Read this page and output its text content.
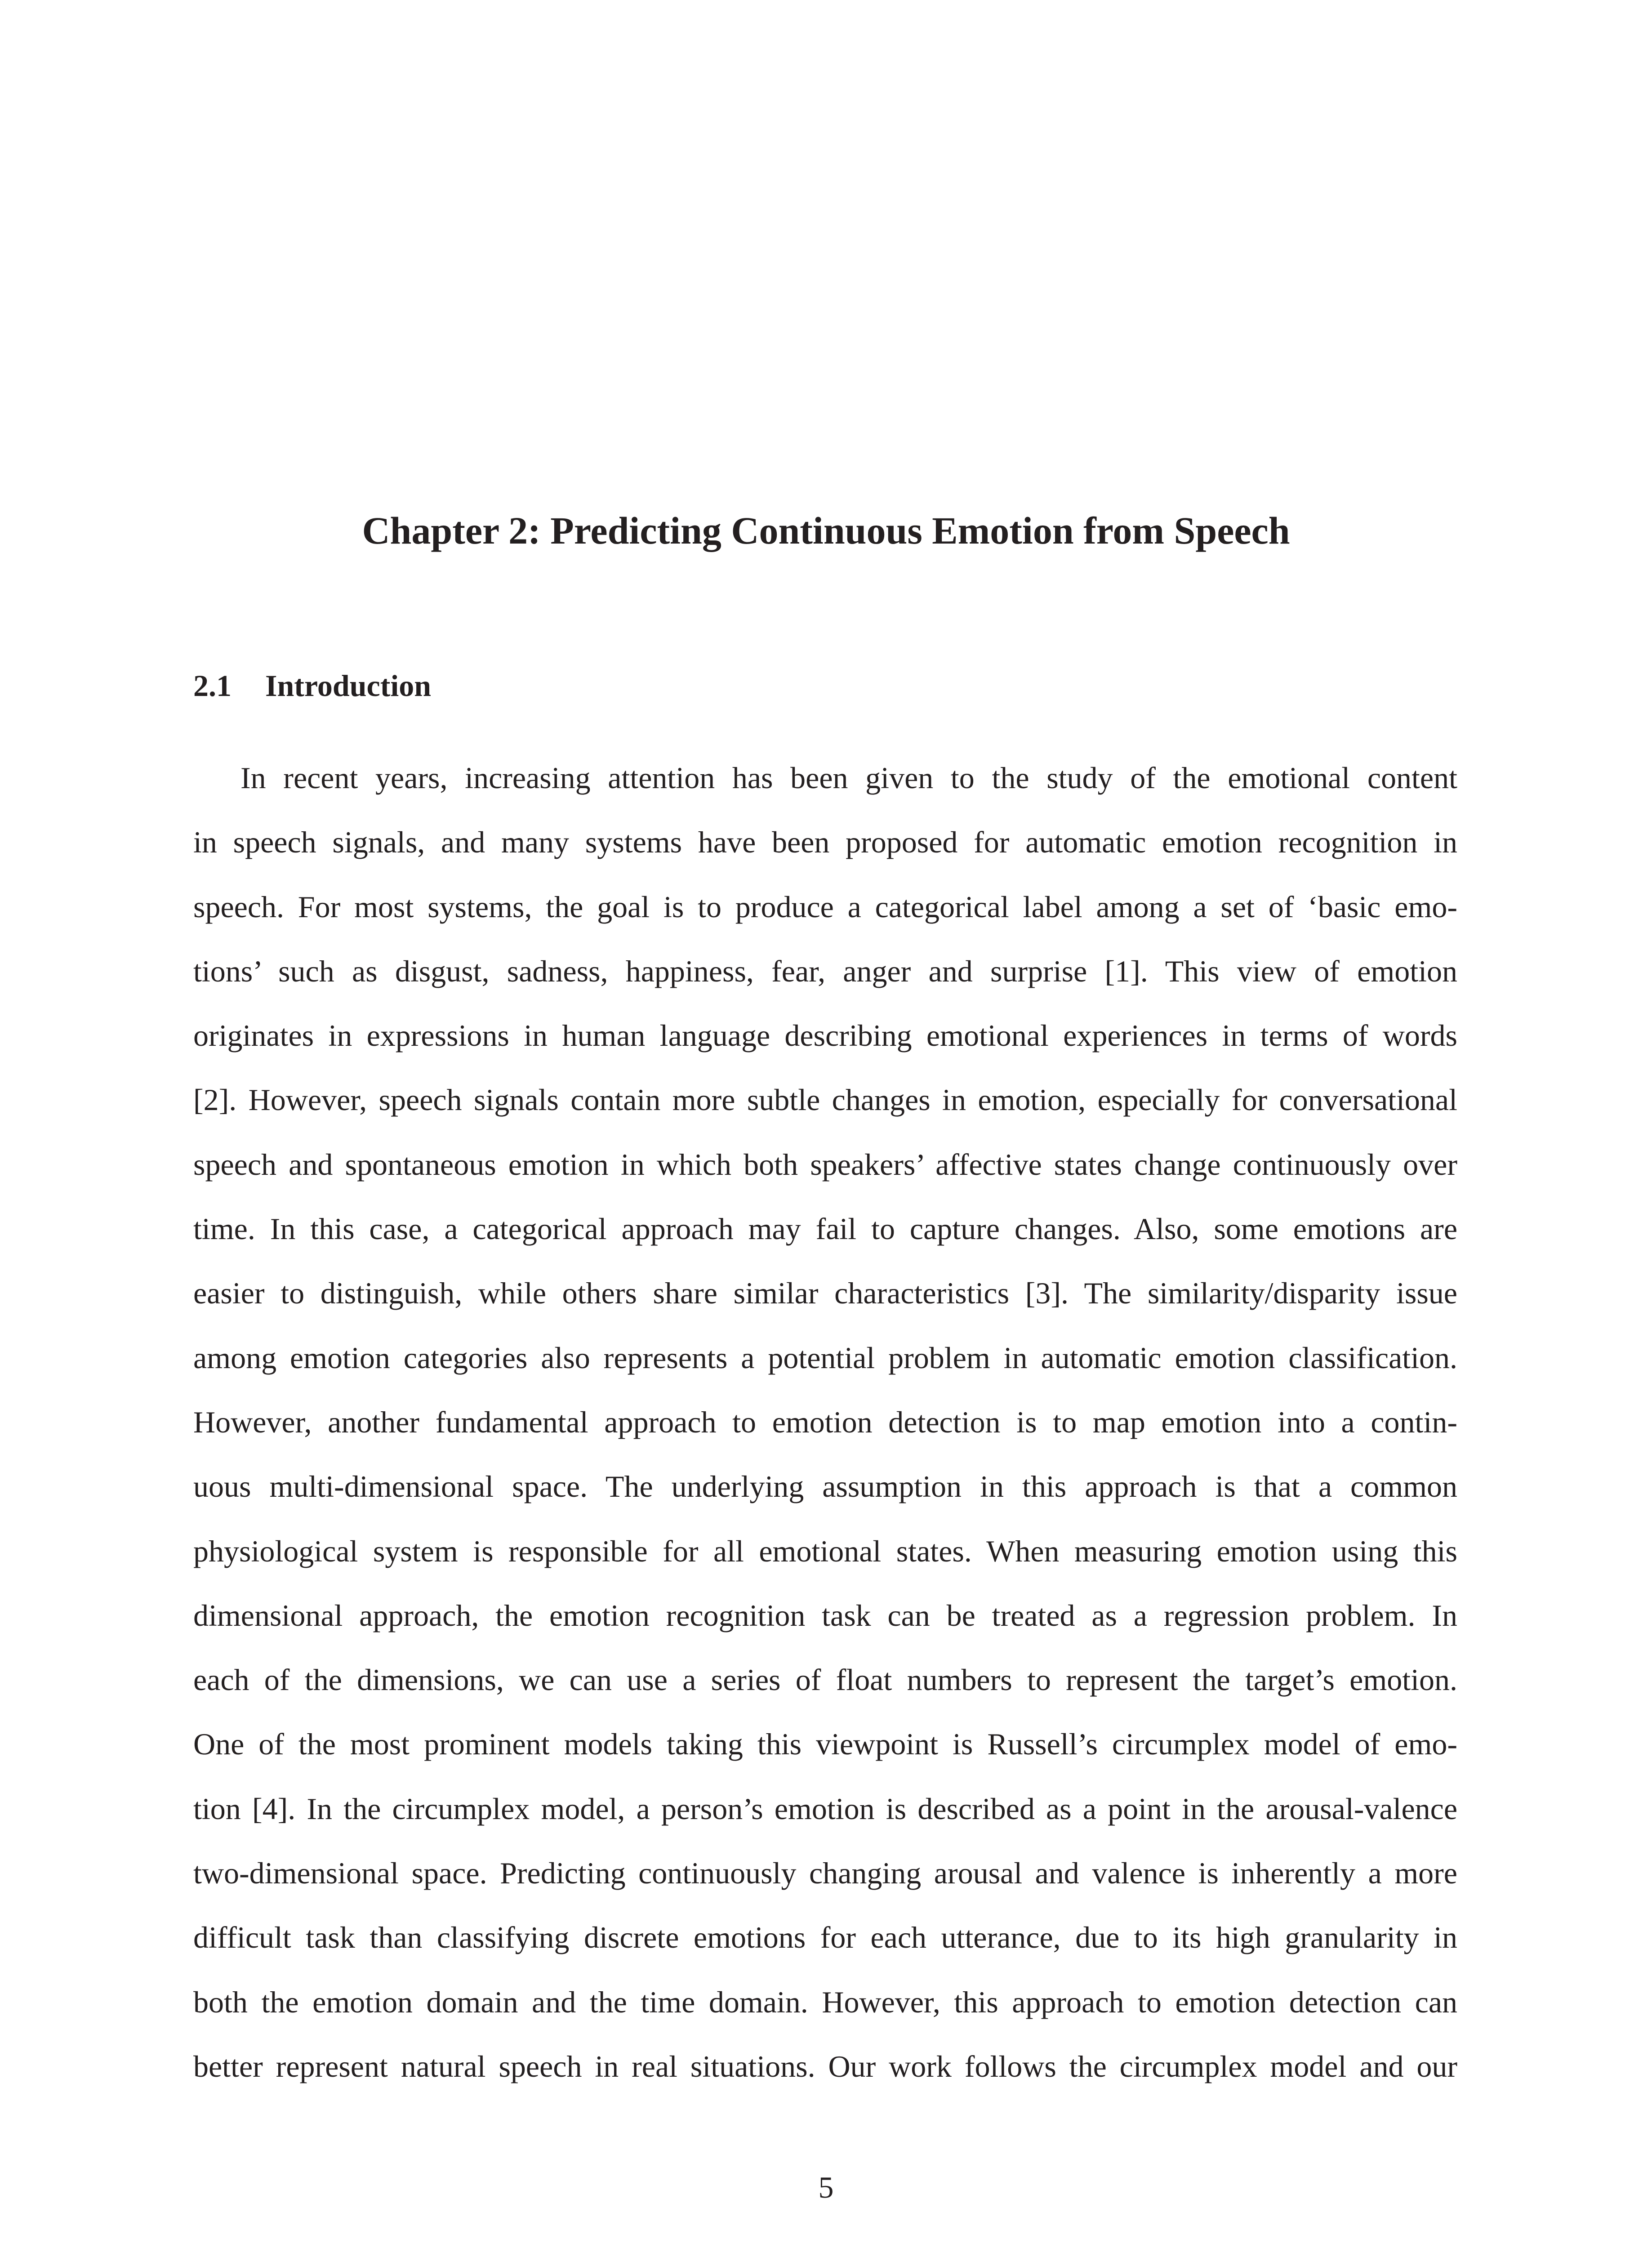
Chapter 2: Predicting Continuous Emotion from Speech
2.1 Introduction
In recent years, increasing attention has been given to the study of the emotional content
in speech signals, and many systems have been proposed for automatic emotion recognition in
speech. For most systems, the goal is to produce a categorical label among a set of ‘basic emo-
tions’ such as disgust, sadness, happiness, fear, anger and surprise [1]. This view of emotion
originates in expressions in human language describing emotional experiences in terms of words
[2]. However, speech signals contain more subtle changes in emotion, especially for conversational
speech and spontaneous emotion in which both speakers’ affective states change continuously over
time. In this case, a categorical approach may fail to capture changes. Also, some emotions are
easier to distinguish, while others share similar characteristics [3]. The similarity/disparity issue
among emotion categories also represents a potential problem in automatic emotion classification.
However, another fundamental approach to emotion detection is to map emotion into a contin-
uous multi-dimensional space. The underlying assumption in this approach is that a common
physiological system is responsible for all emotional states. When measuring emotion using this
dimensional approach, the emotion recognition task can be treated as a regression problem. In
each of the dimensions, we can use a series of float numbers to represent the target’s emotion.
One of the most prominent models taking this viewpoint is Russell’s circumplex model of emo-
tion [4]. In the circumplex model, a person’s emotion is described as a point in the arousal-valence
two-dimensional space. Predicting continuously changing arousal and valence is inherently a more
difficult task than classifying discrete emotions for each utterance, due to its high granularity in
both the emotion domain and the time domain. However, this approach to emotion detection can
better represent natural speech in real situations. Our work follows the circumplex model and our
5
